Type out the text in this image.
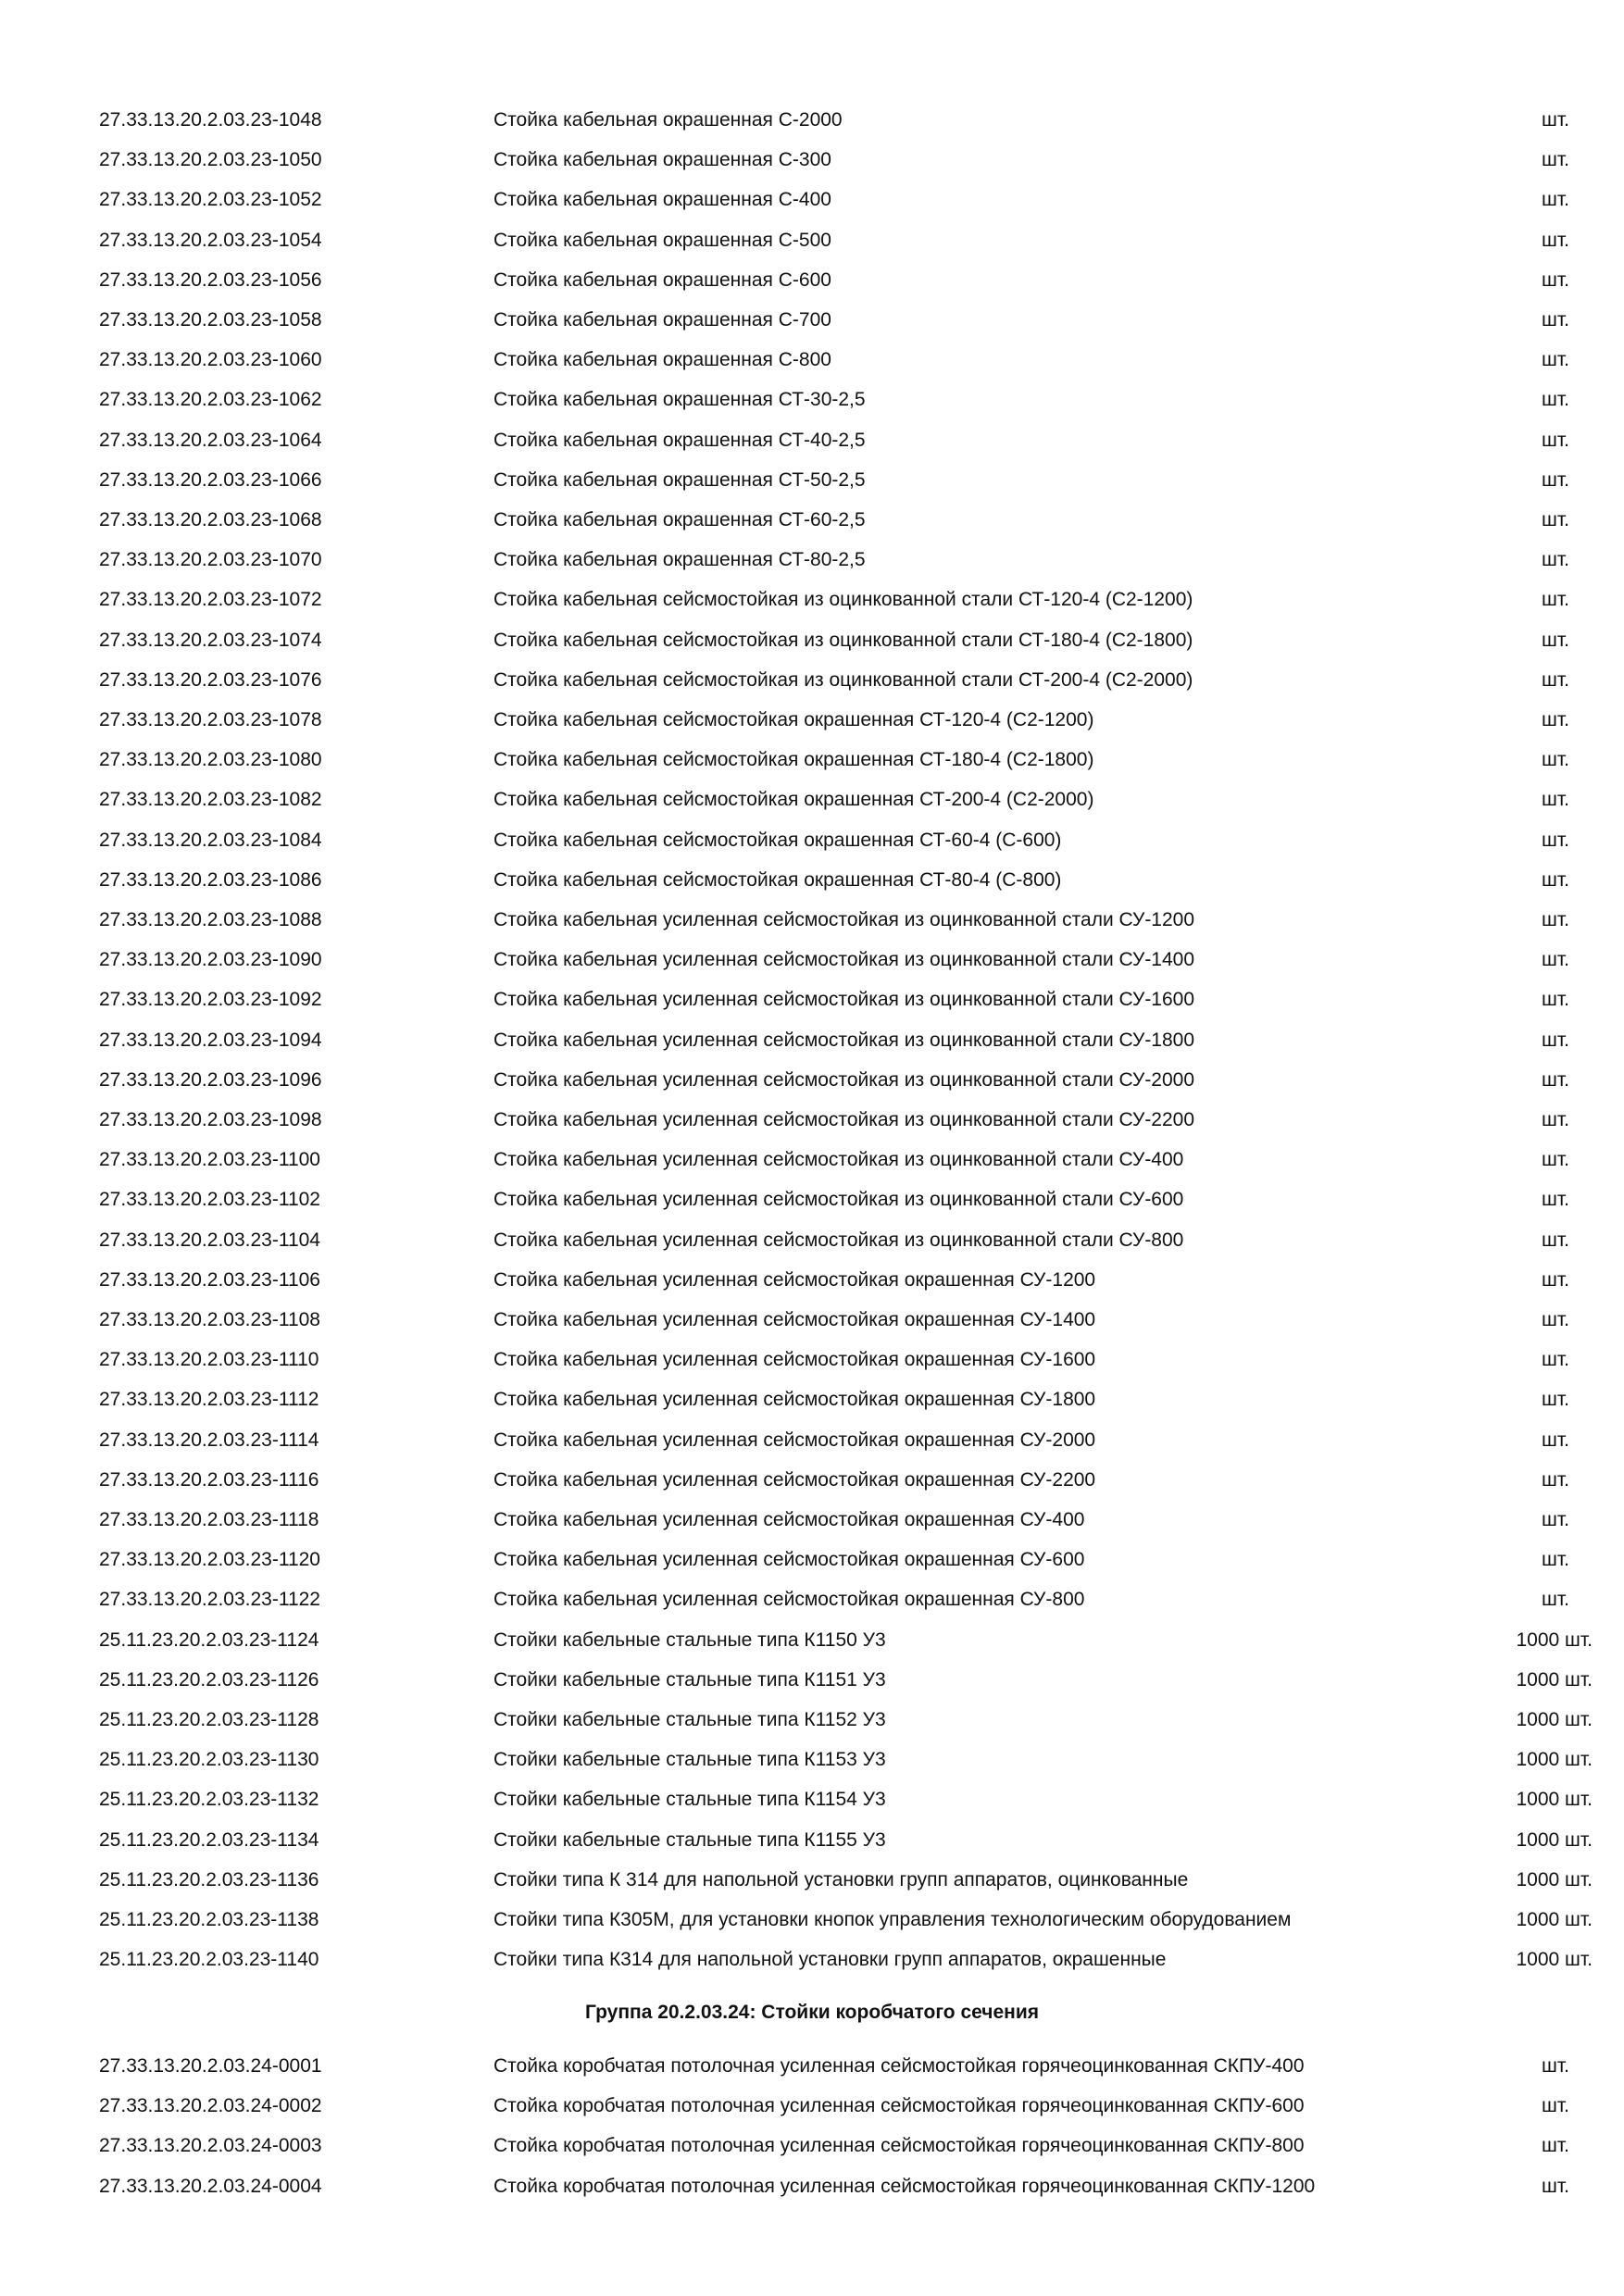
27.33.13.20.2.03.23-1048	Стойка кабельная окрашенная С-2000	шт.
27.33.13.20.2.03.23-1050	Стойка кабельная окрашенная С-300	шт.
27.33.13.20.2.03.23-1052	Стойка кабельная окрашенная С-400	шт.
27.33.13.20.2.03.23-1054	Стойка кабельная окрашенная С-500	шт.
27.33.13.20.2.03.23-1056	Стойка кабельная окрашенная С-600	шт.
27.33.13.20.2.03.23-1058	Стойка кабельная окрашенная С-700	шт.
27.33.13.20.2.03.23-1060	Стойка кабельная окрашенная С-800	шт.
27.33.13.20.2.03.23-1062	Стойка кабельная окрашенная СТ-30-2,5	шт.
27.33.13.20.2.03.23-1064	Стойка кабельная окрашенная СТ-40-2,5	шт.
27.33.13.20.2.03.23-1066	Стойка кабельная окрашенная СТ-50-2,5	шт.
27.33.13.20.2.03.23-1068	Стойка кабельная окрашенная СТ-60-2,5	шт.
27.33.13.20.2.03.23-1070	Стойка кабельная окрашенная СТ-80-2,5	шт.
27.33.13.20.2.03.23-1072	Стойка кабельная сейсмостойкая из оцинкованной стали СТ-120-4 (С2-1200)	шт.
27.33.13.20.2.03.23-1074	Стойка кабельная сейсмостойкая из оцинкованной стали СТ-180-4 (С2-1800)	шт.
27.33.13.20.2.03.23-1076	Стойка кабельная сейсмостойкая из оцинкованной стали СТ-200-4 (С2-2000)	шт.
27.33.13.20.2.03.23-1078	Стойка кабельная сейсмостойкая окрашенная СТ-120-4 (С2-1200)	шт.
27.33.13.20.2.03.23-1080	Стойка кабельная сейсмостойкая окрашенная СТ-180-4 (С2-1800)	шт.
27.33.13.20.2.03.23-1082	Стойка кабельная сейсмостойкая окрашенная СТ-200-4 (С2-2000)	шт.
27.33.13.20.2.03.23-1084	Стойка кабельная сейсмостойкая окрашенная СТ-60-4 (С-600)	шт.
27.33.13.20.2.03.23-1086	Стойка кабельная сейсмостойкая окрашенная СТ-80-4 (С-800)	шт.
27.33.13.20.2.03.23-1088	Стойка кабельная усиленная сейсмостойкая из оцинкованной стали СУ-1200	шт.
27.33.13.20.2.03.23-1090	Стойка кабельная усиленная сейсмостойкая из оцинкованной стали СУ-1400	шт.
27.33.13.20.2.03.23-1092	Стойка кабельная усиленная сейсмостойкая из оцинкованной стали СУ-1600	шт.
27.33.13.20.2.03.23-1094	Стойка кабельная усиленная сейсмостойкая из оцинкованной стали СУ-1800	шт.
27.33.13.20.2.03.23-1096	Стойка кабельная усиленная сейсмостойкая из оцинкованной стали СУ-2000	шт.
27.33.13.20.2.03.23-1098	Стойка кабельная усиленная сейсмостойкая из оцинкованной стали СУ-2200	шт.
27.33.13.20.2.03.23-1100	Стойка кабельная усиленная сейсмостойкая из оцинкованной стали СУ-400	шт.
27.33.13.20.2.03.23-1102	Стойка кабельная усиленная сейсмостойкая из оцинкованной стали СУ-600	шт.
27.33.13.20.2.03.23-1104	Стойка кабельная усиленная сейсмостойкая из оцинкованной стали СУ-800	шт.
27.33.13.20.2.03.23-1106	Стойка кабельная усиленная сейсмостойкая окрашенная СУ-1200	шт.
27.33.13.20.2.03.23-1108	Стойка кабельная усиленная сейсмостойкая окрашенная СУ-1400	шт.
27.33.13.20.2.03.23-1110	Стойка кабельная усиленная сейсмостойкая окрашенная СУ-1600	шт.
27.33.13.20.2.03.23-1112	Стойка кабельная усиленная сейсмостойкая окрашенная СУ-1800	шт.
27.33.13.20.2.03.23-1114	Стойка кабельная усиленная сейсмостойкая окрашенная СУ-2000	шт.
27.33.13.20.2.03.23-1116	Стойка кабельная усиленная сейсмостойкая окрашенная СУ-2200	шт.
27.33.13.20.2.03.23-1118	Стойка кабельная усиленная сейсмостойкая окрашенная СУ-400	шт.
27.33.13.20.2.03.23-1120	Стойка кабельная усиленная сейсмостойкая окрашенная СУ-600	шт.
27.33.13.20.2.03.23-1122	Стойка кабельная усиленная сейсмостойкая окрашенная СУ-800	шт.
25.11.23.20.2.03.23-1124	Стойки кабельные стальные типа К1150 У3	1000 шт.
25.11.23.20.2.03.23-1126	Стойки кабельные стальные типа К1151 У3	1000 шт.
25.11.23.20.2.03.23-1128	Стойки кабельные стальные типа К1152 У3	1000 шт.
25.11.23.20.2.03.23-1130	Стойки кабельные стальные типа К1153 У3	1000 шт.
25.11.23.20.2.03.23-1132	Стойки кабельные стальные типа К1154 У3	1000 шт.
25.11.23.20.2.03.23-1134	Стойки кабельные стальные типа К1155 У3	1000 шт.
25.11.23.20.2.03.23-1136	Стойки типа К 314 для напольной установки групп аппаратов, оцинкованные	1000 шт.
25.11.23.20.2.03.23-1138	Стойки типа К305М, для установки кнопок управления технологическим оборудованием	1000 шт.
25.11.23.20.2.03.23-1140	Стойки типа К314 для напольной установки групп аппаратов, окрашенные	1000 шт.
Группа 20.2.03.24: Стойки коробчатого сечения
27.33.13.20.2.03.24-0001	Стойка коробчатая потолочная усиленная сейсмостойкая горячеоцинкованная СКПУ-400	шт.
27.33.13.20.2.03.24-0002	Стойка коробчатая потолочная усиленная сейсмостойкая горячеоцинкованная СКПУ-600	шт.
27.33.13.20.2.03.24-0003	Стойка коробчатая потолочная усиленная сейсмостойкая горячеоцинкованная СКПУ-800	шт.
27.33.13.20.2.03.24-0004	Стойка коробчатая потолочная усиленная сейсмостойкая горячеоцинкованная СКПУ-1200	шт.
